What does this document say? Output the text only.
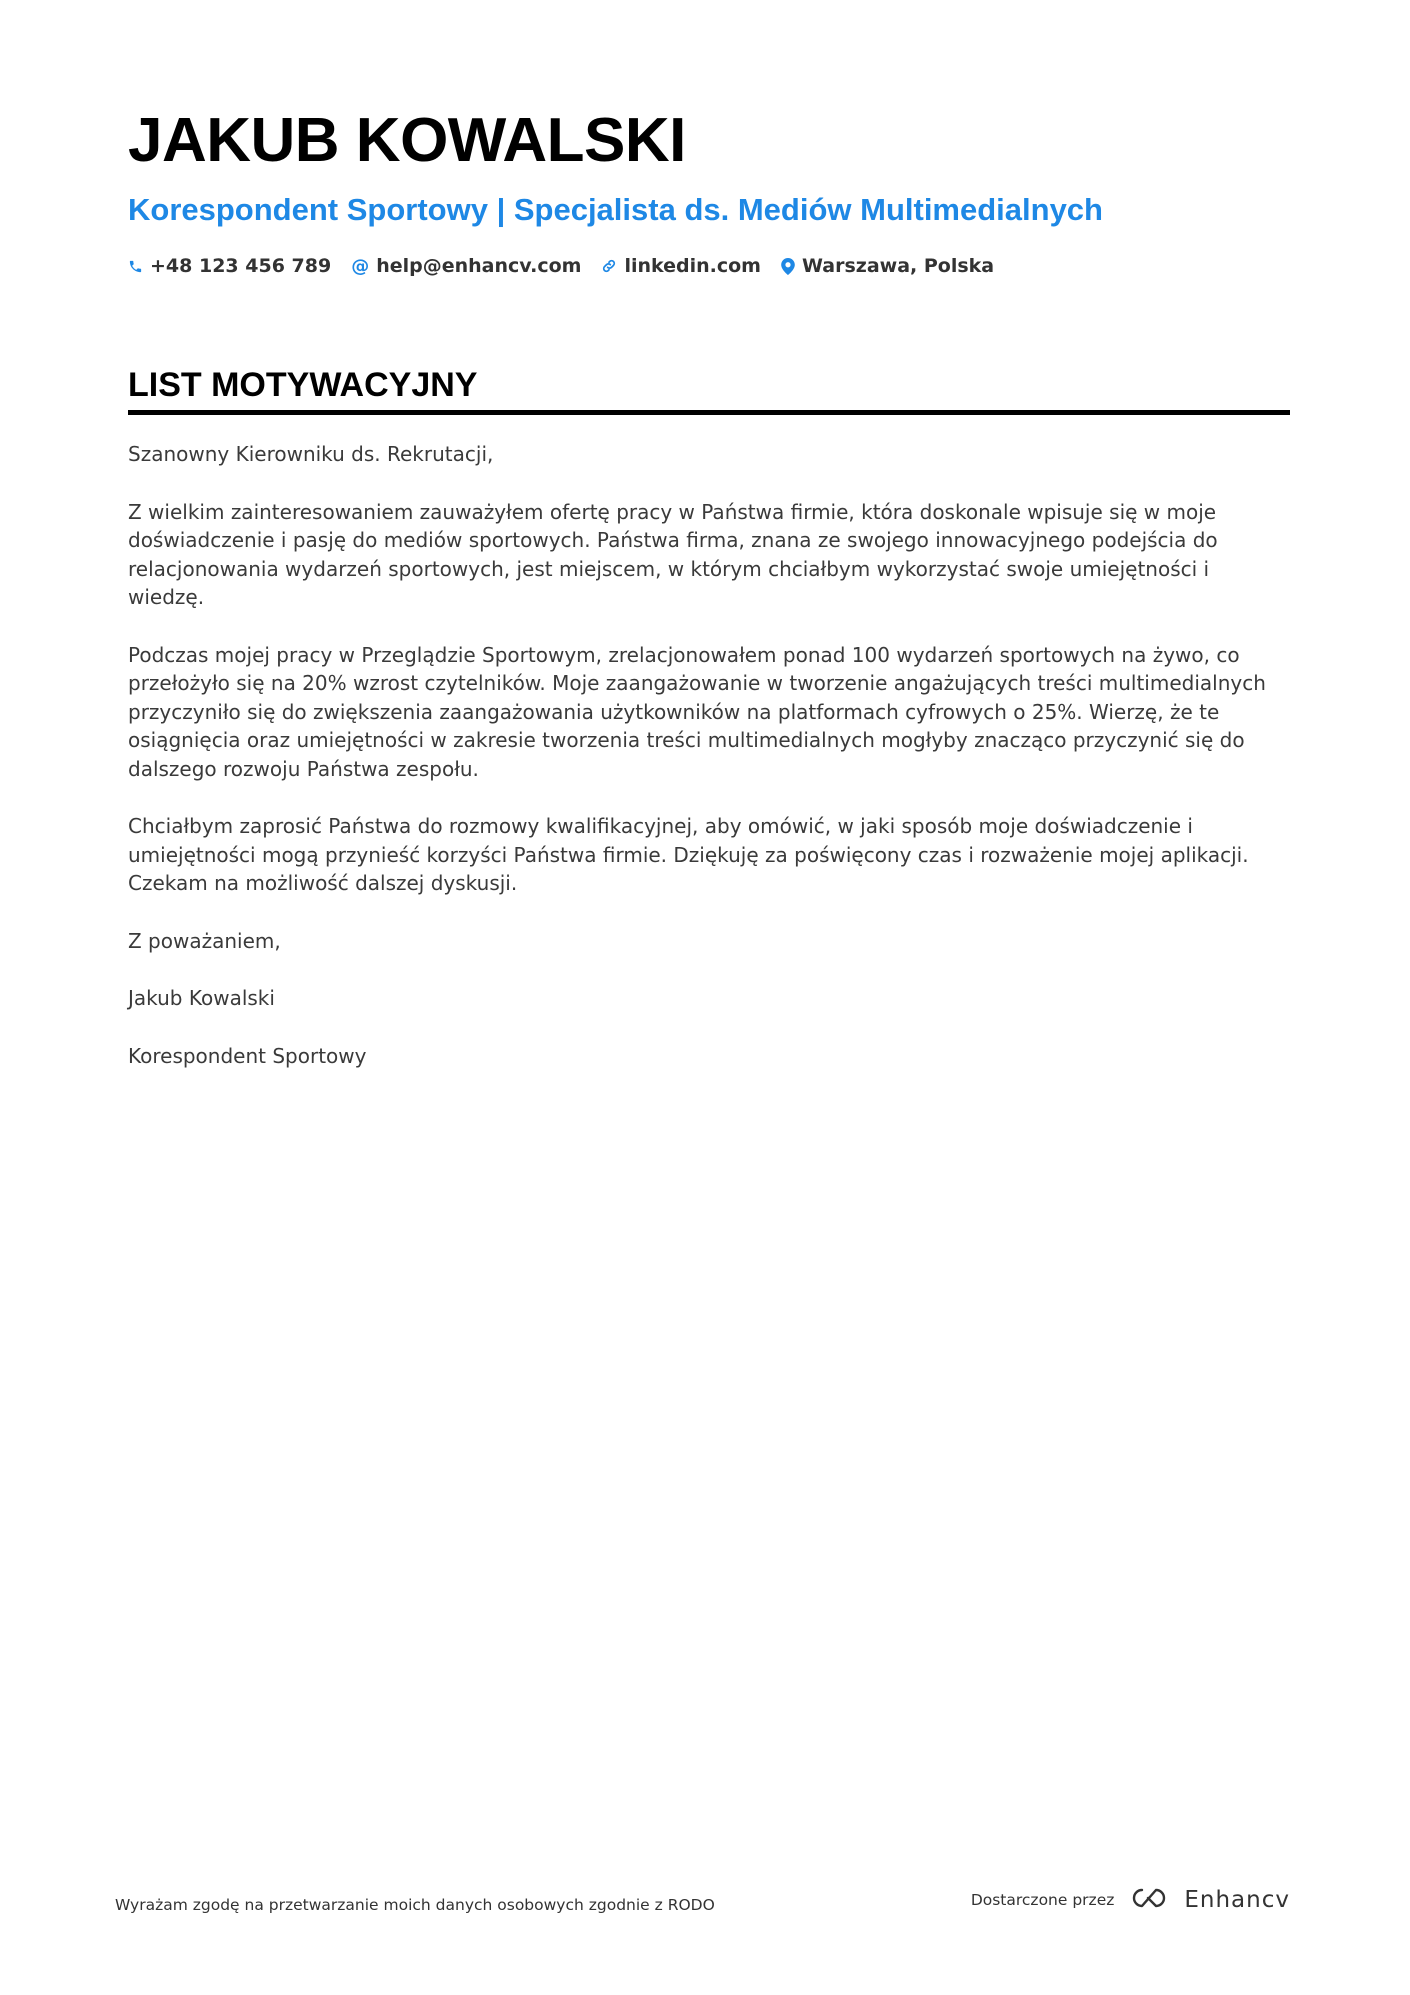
JAKUB KOWALSKI
Korespondent Sportowy | Specjalista ds. Mediów Multimedialnych
+48 123 456 789 @ help@enhancv.com linkedin.com Warszawa, Polska
LIST MOTYWACYJNY

Szanowny Kierowniku ds. Rekrutacji,

Z wielkim zainteresowaniem zauważyłem ofertę pracy w Państwa firmie, która doskonale wpisuje się w moje doświadczenie i pasję do mediów sportowych. Państwa firma, znana ze swojego innowacyjnego podejścia do relacjonowania wydarzeń sportowych, jest miejscem, w którym chciałbym wykorzystać swoje umiejętności i wiedzę.

Podczas mojej pracy w Przeglądzie Sportowym, zrelacjonowałem ponad 100 wydarzeń sportowych na żywo, co przełożyło się na 20% wzrost czytelników. Moje zaangażowanie w tworzenie angażujących treści multimedialnych przyczyniło się do zwiększenia zaangażowania użytkowników na platformach cyfrowych o 25%. Wierzę, że te osiągnięcia oraz umiejętności w zakresie tworzenia treści multimedialnych mogłyby znacząco przyczynić się do dalszego rozwoju Państwa zespołu.

Chciałbym zaprosić Państwa do rozmowy kwalifikacyjnej, aby omówić, w jaki sposób moje doświadczenie i umiejętności mogą przynieść korzyści Państwa firmie. Dziękuję za poświęcony czas i rozważenie mojej aplikacji. Czekam na możliwość dalszej dyskusji.

Z poważaniem,

Jakub Kowalski

Korespondent Sportowy

Wyrażam zgodę na przetwarzanie moich danych osobowych zgodnie z RODO	Dostarczone przez	Enhancv
